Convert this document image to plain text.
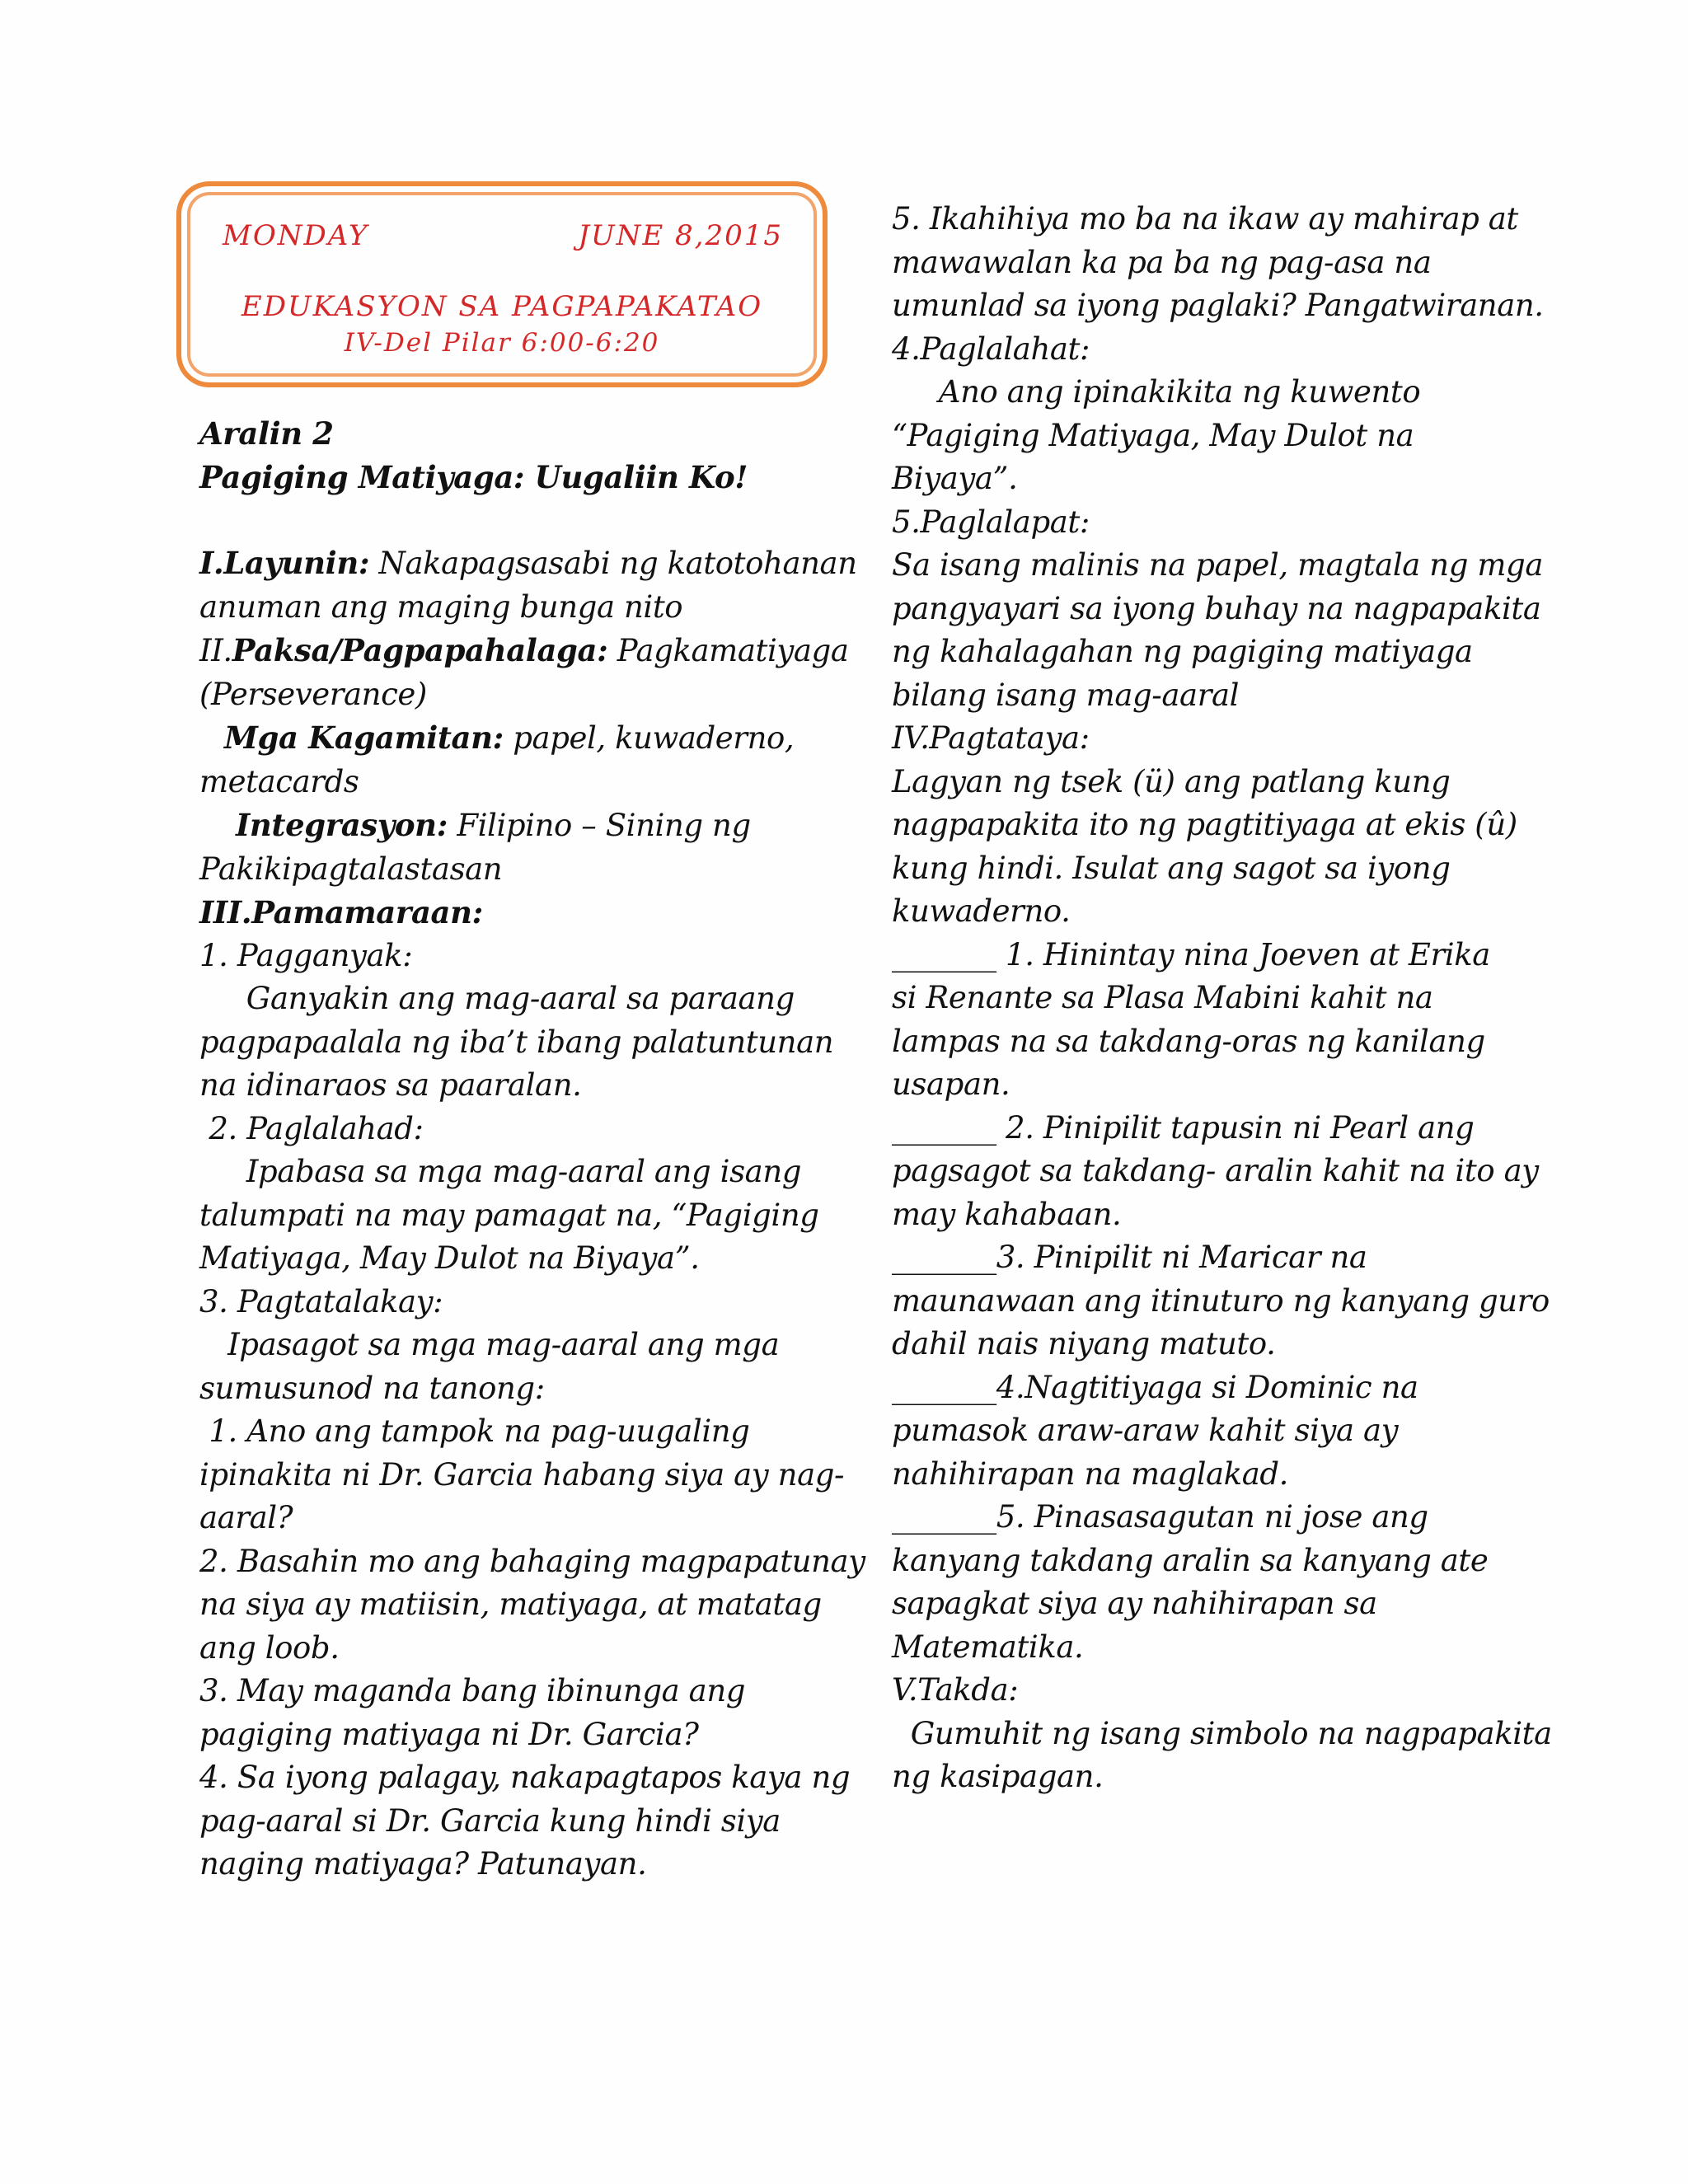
MONDAY	JUNE 8,2015
EDUKASYON SA PAGPAPAKATAO
IV-Del Pilar 6:00-6:20

Aralin 2

Pagiging Matiyaga: Uugaliin Ko!

I.Layunin: Nakapagsasabi ng katotohanan

anuman ang maging bunga nito

II.Paksa/Pagpapahalaga: Pagkamatiyaga

(Perseverance)

Mga Kagamitan: papel, kuwaderno,

metacards

Integrasyon: Filipino – Sining ng

Pakikipagtalastasan

III.Pamamaraan:

1. Pagganyak:

Ganyakin ang mag-aaral sa paraang

pagpapaalala ng iba’t ibang palatuntunan

na idinaraos sa paaralan.

2. Paglalahad:

Ipabasa sa mga mag-aaral ang isang

talumpati na may pamagat na, “Pagiging

Matiyaga, May Dulot na Biyaya”.

3. Pagtatalakay:

Ipasagot sa mga mag-aaral ang mga

sumusunod na tanong:

1. Ano ang tampok na pag-uugaling

ipinakita ni Dr. Garcia habang siya ay nag-

aaral?

2. Basahin mo ang bahaging magpapatunay

na siya ay matiisin, matiyaga, at matatag

ang loob.

3. May maganda bang ibinunga ang

pagiging matiyaga ni Dr. Garcia?

4. Sa iyong palagay, nakapagtapos kaya ng

pag-aaral si Dr. Garcia kung hindi siya

naging matiyaga? Patunayan.

5. Ikahihiya mo ba na ikaw ay mahirap at

mawawalan ka pa ba ng pag-asa na

umunlad sa iyong paglaki? Pangatwiranan.

4.Paglalahat:

Ano ang ipinakikita ng kuwento

“Pagiging Matiyaga, May Dulot na

Biyaya”.

5.Paglalapat:

Sa isang malinis na papel, magtala ng mga

pangyayari sa iyong buhay na nagpapakita

ng kahalagahan ng pagiging matiyaga

bilang isang mag-aaral

IV.Pagtataya:

Lagyan ng tsek (ü) ang patlang kung

nagpapakita ito ng pagtitiyaga at ekis (û)

kung hindi. Isulat ang sagot sa iyong

kuwaderno.

_______ 1. Hinintay nina Joeven at Erika

si Renante sa Plasa Mabini kahit na

lampas na sa takdang-oras ng kanilang

usapan.

_______ 2. Pinipilit tapusin ni Pearl ang

pagsagot sa takdang- aralin kahit na ito ay

may kahabaan.

_______3. Pinipilit ni Maricar na

maunawaan ang itinuturo ng kanyang guro

dahil nais niyang matuto.

_______4.Nagtitiyaga si Dominic na

pumasok araw-araw kahit siya ay

nahihirapan na maglakad.

_______5. Pinasasagutan ni jose ang

kanyang takdang aralin sa kanyang ate

sapagkat siya ay nahihirapan sa

Matematika.

V.Takda:

Gumuhit ng isang simbolo na nagpapakita

ng kasipagan.
